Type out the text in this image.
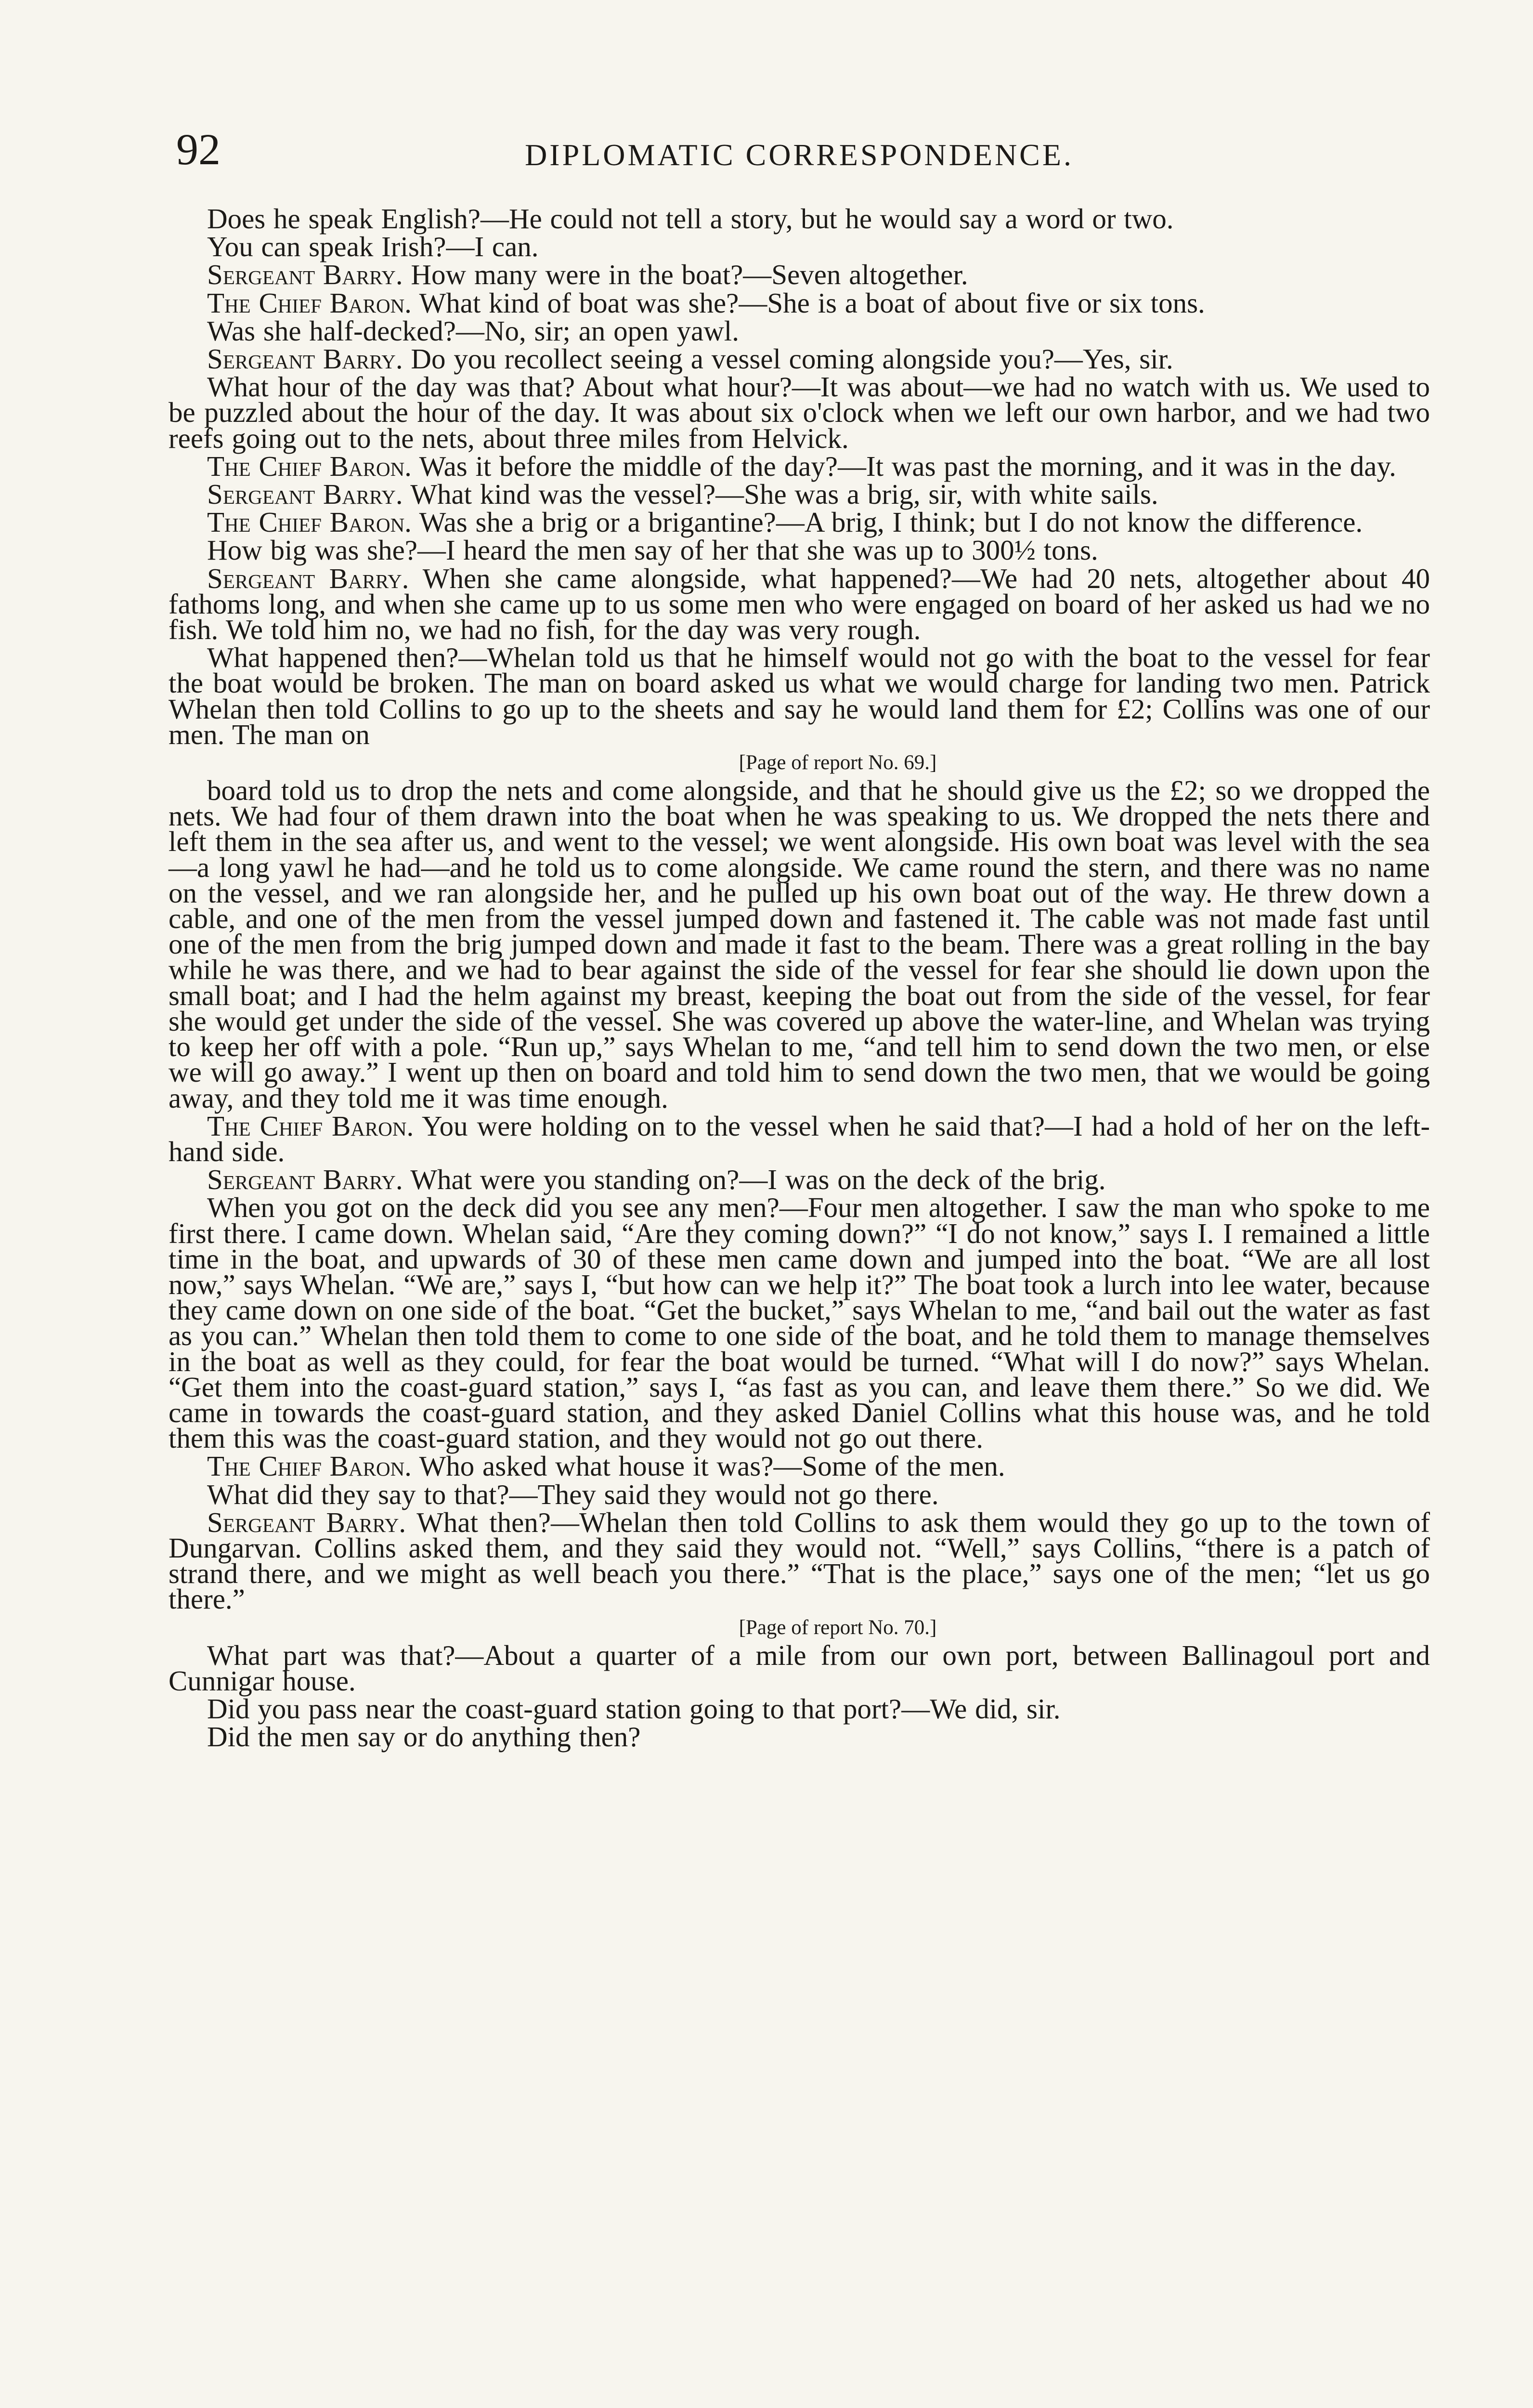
92	DIPLOMATIC CORRESPONDENCE.

Does he speak English?—He could not tell a story, but he would say a word or two.

You can speak Irish?—I can.

Sergeant Barry. How many were in the boat?—Seven altogether.

The Chief Baron. What kind of boat was she?—She is a boat of about five or six tons.

Was she half-decked?—No, sir; an open yawl.

Sergeant Barry. Do you recollect seeing a vessel coming alongside you?—Yes, sir.

What hour of the day was that? About what hour?—It was about—we had no watch with us. We used to be puzzled about the hour of the day. It was about six o'clock when we left our own harbor, and we had two reefs going out to the nets, about three miles from Helvick.

The Chief Baron. Was it before the middle of the day?—It was past the morning, and it was in the day.

Sergeant Barry. What kind was the vessel?—She was a brig, sir, with white sails.

The Chief Baron. Was she a brig or a brigantine?—A brig, I think; but I do not know the difference.

How big was she?—I heard the men say of her that she was up to 300½ tons.

Sergeant Barry. When she came alongside, what happened?—We had 20 nets, altogether about 40 fathoms long, and when she came up to us some men who were engaged on board of her asked us had we no fish. We told him no, we had no fish, for the day was very rough.

What happened then?—Whelan told us that he himself would not go with the boat to the vessel for fear the boat would be broken. The man on board asked us what we would charge for landing two men. Patrick Whelan then told Collins to go up to the sheets and say he would land them for £2; Collins was one of our men. The man on

[Page of report No. 69.]

board told us to drop the nets and come alongside, and that he should give us the £2; so we dropped the nets. We had four of them drawn into the boat when he was speaking to us. We dropped the nets there and left them in the sea after us, and went to the vessel; we went alongside. His own boat was level with the sea—a long yawl he had—and he told us to come alongside. We came round the stern, and there was no name on the vessel, and we ran alongside her, and he pulled up his own boat out of the way. He threw down a cable, and one of the men from the vessel jumped down and fastened it. The cable was not made fast until one of the men from the brig jumped down and made it fast to the beam. There was a great rolling in the bay while he was there, and we had to bear against the side of the vessel for fear she should lie down upon the small boat; and I had the helm against my breast, keeping the boat out from the side of the vessel, for fear she would get under the side of the vessel. She was covered up above the water-line, and Whelan was trying to keep her off with a pole. “Run up,” says Whelan to me, “and tell him to send down the two men, or else we will go away.” I went up then on board and told him to send down the two men, that we would be going away, and they told me it was time enough.

The Chief Baron. You were holding on to the vessel when he said that?—I had a hold of her on the left-hand side.

Sergeant Barry. What were you standing on?—I was on the deck of the brig.

When you got on the deck did you see any men?—Four men altogether. I saw the man who spoke to me first there. I came down. Whelan said, “Are they coming down?” “I do not know,” says I. I remained a little time in the boat, and upwards of 30 of these men came down and jumped into the boat. “We are all lost now,” says Whelan. “We are,” says I, “but how can we help it?” The boat took a lurch into lee water, because they came down on one side of the boat. “Get the bucket,” says Whelan to me, “and bail out the water as fast as you can.” Whelan then told them to come to one side of the boat, and he told them to manage themselves in the boat as well as they could, for fear the boat would be turned. “What will I do now?” says Whelan. “Get them into the coast-guard station,” says I, “as fast as you can, and leave them there.” So we did. We came in towards the coast-guard station, and they asked Daniel Collins what this house was, and he told them this was the coast-guard station, and they would not go out there.

The Chief Baron. Who asked what house it was?—Some of the men.

What did they say to that?—They said they would not go there.

Sergeant Barry. What then?—Whelan then told Collins to ask them would they go up to the town of Dungarvan. Collins asked them, and they said they would not. “Well,” says Collins, “there is a patch of strand there, and we might as well beach you there.” “That is the place,” says one of the men; “let us go there.”

[Page of report No. 70.]

What part was that?—About a quarter of a mile from our own port, between Ballinagoul port and Cunnigar house.

Did you pass near the coast-guard station going to that port?—We did, sir.

Did the men say or do anything then?
